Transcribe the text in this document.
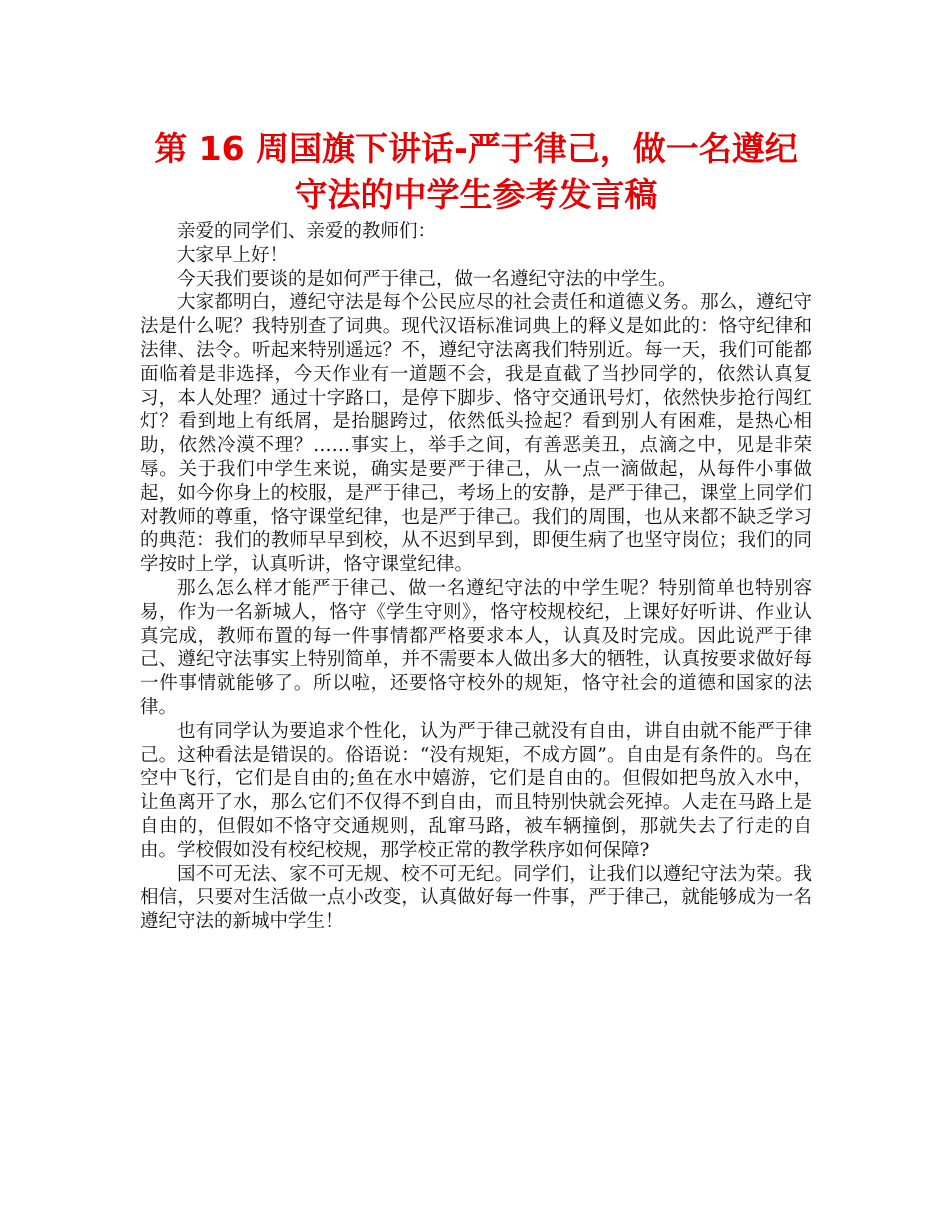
第 16 周国旗下讲话-严于律己，做一名遵纪守法的中学生参考发言稿

亲爱的同学们、亲爱的教师们：

大家早上好！

今天我们要谈的是如何严于律己，做一名遵纪守法的中学生。

大家都明白，遵纪守法是每个公民应尽的社会责任和道德义务。那么，遵纪守法是什么呢？我特别查了词典。现代汉语标准词典上的释义是如此的：恪守纪律和法律、法令。听起来特别遥远？不，遵纪守法离我们特别近。每一天，我们可能都面临着是非选择，今天作业有一道题不会，我是直截了当抄同学的，依然认真复习，本人处理？通过十字路口，是停下脚步、恪守交通讯号灯，依然快步抢行闯红灯？看到地上有纸屑，是抬腿跨过，依然低头捡起？看到别人有困难，是热心相助，依然冷漠不理？……事实上，举手之间，有善恶美丑，点滴之中，见是非荣辱。关于我们中学生来说，确实是要严于律己，从一点一滴做起，从每件小事做起，如今你身上的校服，是严于律己，考场上的安静，是严于律己，课堂上同学们对教师的尊重，恪守课堂纪律，也是严于律己。我们的周围，也从来都不缺乏学习的典范：我们的教师早早到校，从不迟到早到，即便生病了也坚守岗位；我们的同学按时上学，认真听讲，恪守课堂纪律。

那么怎么样才能严于律己、做一名遵纪守法的中学生呢？特别简单也特别容易，作为一名新城人，恪守《学生守则》，恪守校规校纪，上课好好听讲、作业认真完成，教师布置的每一件事情都严格要求本人，认真及时完成。因此说严于律己、遵纪守法事实上特别简单，并不需要本人做出多大的牺牲，认真按要求做好每一件事情就能够了。所以啦，还要恪守校外的规矩，恪守社会的道德和国家的法律。

也有同学认为要追求个性化，认为严于律己就没有自由，讲自由就不能严于律己。这种看法是错误的。俗语说：“没有规矩，不成方圆”。自由是有条件的。鸟在空中飞行，它们是自由的;鱼在水中嬉游，它们是自由的。但假如把鸟放入水中，让鱼离开了水，那么它们不仅得不到自由，而且特别快就会死掉。人走在马路上是自由的，但假如不恪守交通规则，乱窜马路，被车辆撞倒，那就失去了行走的自由。学校假如没有校纪校规，那学校正常的教学秩序如何保障?

国不可无法、家不可无规、校不可无纪。同学们，让我们以遵纪守法为荣。我相信，只要对生活做一点小改变，认真做好每一件事，严于律己，就能够成为一名遵纪守法的新城中学生！
